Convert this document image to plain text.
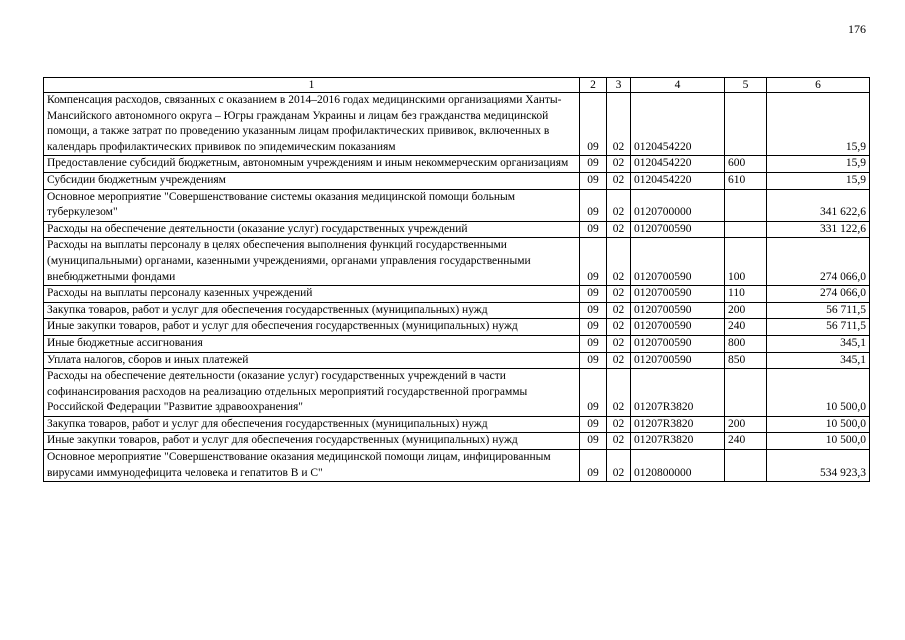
176
1	2	3	4	5	6
Компенсация расходов, связанных с оказанием в 2014–2016 годах медицинскими организациями Ханты-Мансийского автономного округа – Югры гражданам Украины и лицам без гражданства медицинской помощи, а также затрат по проведению указанным лицам профилактических прививок, включенных в календарь профилактических прививок по эпидемическим показаниям	09	02	0120454220		15,9
Предоставление субсидий бюджетным, автономным учреждениям и иным некоммерческим организациям	09	02	0120454220	600	15,9
Субсидии бюджетным учреждениям	09	02	0120454220	610	15,9
Основное мероприятие "Совершенствование системы оказания медицинской помощи больным туберкулезом"	09	02	0120700000		341 622,6
Расходы на обеспечение деятельности (оказание услуг) государственных учреждений	09	02	0120700590		331 122,6
Расходы на выплаты персоналу в целях обеспечения выполнения функций государственными (муниципальными) органами, казенными учреждениями, органами управления государственными внебюджетными фондами	09	02	0120700590	100	274 066,0
Расходы на выплаты персоналу казенных учреждений	09	02	0120700590	110	274 066,0
Закупка товаров, работ и услуг для обеспечения государственных (муниципальных) нужд	09	02	0120700590	200	56 711,5
Иные закупки товаров, работ и услуг для обеспечения государственных (муниципальных) нужд	09	02	0120700590	240	56 711,5
Иные бюджетные ассигнования	09	02	0120700590	800	345,1
Уплата налогов, сборов и иных платежей	09	02	0120700590	850	345,1
Расходы на обеспечение деятельности (оказание услуг) государственных учреждений в части софинансирования расходов на реализацию отдельных мероприятий государственной программы Российской Федерации "Развитие здравоохранения"	09	02	01207R3820		10 500,0
Закупка товаров, работ и услуг для обеспечения государственных (муниципальных) нужд	09	02	01207R3820	200	10 500,0
Иные закупки товаров, работ и услуг для обеспечения государственных (муниципальных) нужд	09	02	01207R3820	240	10 500,0
Основное мероприятие "Совершенствование оказания медицинской помощи лицам, инфицированным вирусами иммунодефицита человека и гепатитов В и С"	09	02	0120800000		534 923,3
